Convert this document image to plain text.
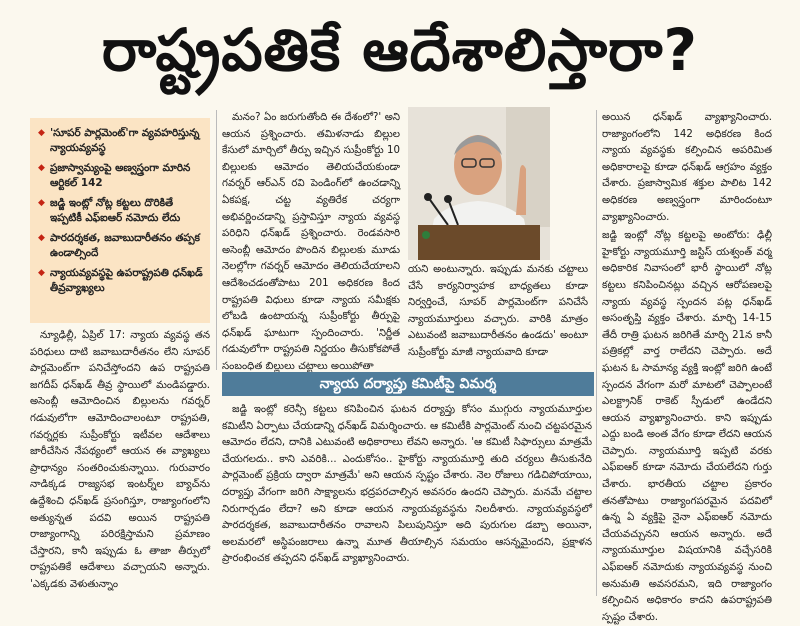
రాష్ట్రపతికే ఆదేశాలిస్తారా?
◆ 'సూపర్ పార్లమెంట్'గా వ్యవహరిస్తున్న న్యాయవ్యవస్థ
◆ ప్రజాస్వామ్యంపై అణ్వస్త్రంగా మారిన ఆర్టికల్ 142
◆ జడ్జి ఇంట్లో నోట్ల కట్టలు దొరికితే ఇప్పటికీ ఎఫ్ఐఆర్ నమోదు లేదు
◆ పారదర్శకత, జవాబుదారీతనం తప్పక ఉండాల్సిందే
◆ న్యాయవ్యవస్థపై ఉపరాష్ట్రపతి ధన్‌ఖడ్ తీవ్రవ్యాఖ్యలు

న్యూఢిల్లీ, ఏప్రిల్ 17: న్యాయ వ్యవస్థ తన పరిధులు దాటి జవాబుదారీతనం లేని సూపర్ పార్లమెంట్‌గా పనిచేస్తోందని ఉప రాష్ట్రపతి జగదీప్ ధన్‌ఖడ్ తీవ్ర స్థాయిలో మండిపడ్డారు. అసెంబ్లీ ఆమోదించిన బిల్లులను గవర్నర్ గడువులోగా ఆమోదించాలంటూ రాష్ట్రపతి, గవర్నర్లకు సుప్రీంకోర్టు ఇటీవల ఆదేశాలు జారీచేసిన నేపథ్యంలో ఆయన ఈ వ్యాఖ్యలు ప్రాధాన్యం సంతరించుకున్నాయి. గురువారం నాడిక్కడ రాజ్యసభ ఇంటర్న్‌ల బ్యాచ్‌ను ఉద్దేశించి ధన్‌ఖడ్ ప్రసంగిస్తూ, రాజ్యాంగంలోని అత్యున్నత పదవి అయిన రాష్ట్రపతి రాజ్యాంగాన్ని పరిరక్షిస్తామని ప్రమాణం చేస్తారని, కానీ ఇప్పుడు ఓ తాజా తీర్పులో రాష్ట్రపతికే ఆదేశాలు వచ్చాయని అన్నారు. 'ఎక్కడకు వెళుతున్నాం

మనం? ఏం జరుగుతోంది ఈ దేశంలో?' అని ఆయన ప్రశ్నించారు. తమిళనాడు బిల్లుల కేసులో మార్చిలో తీర్పు ఇచ్చిన సుప్రీంకోర్టు 10 బిల్లులకు ఆమోదం తెలియచేయకుండా గవర్నర్ ఆర్ఎన్ రవి పెండింగ్‌లో ఉంచడాన్ని ఏకపక్ష, చట్ట వ్యతిరేక చర్యగా అభివర్ణించడాన్ని ప్రస్తావిస్తూ న్యాయ వ్యవస్థ పరిధిని ధన్‌ఖడ్ ప్రశ్నించారు. రెండవసారి అసెంబ్లీ ఆమోదం పొందిన బిల్లులకు మూడు నెలల్లోగా గవర్నర్ ఆమోదం తెలియచేయాలని ఆదేశించడంతోపాటు 201 అధికరణ కింద రాష్ట్రపతి విధులు కూడా న్యాయ సమీక్షకు లోబడి ఉంటాయన్న సుప్రీంకోర్టు తీర్పుపై ధన్‌ఖడ్ ఘాటుగా స్పందించారు. 'నిర్ణీత గడువులోగా రాష్ట్రపతి నిర్ణయం తీసుకోకపోతే సంబంధిత బిల్లులు చట్టాలు అయిపోతా

యని అంటున్నారు. ఇప్పుడు మనకు చట్టాలు చేసే కార్యనిర్వాహక బాధ్యతలు కూడా నిర్వర్తించే, సూపర్ పార్లమెంట్‌గా పనిచేసే న్యాయమూర్తులు వచ్చారు. వారికి మాత్రం ఎటువంటి జవాబుదారీతనం ఉండదు' అంటూ సుప్రీంకోర్టు మాజీ న్యాయవాది కూడా

అయిన ధన్‌ఖడ్ వ్యాఖ్యానించారు. రాజ్యాంగంలోని 142 అధికరణ కింద న్యాయ వ్యవస్థకు కల్పించిన అపరిమిత అధికారాలపై కూడా ధన్‌ఖడ్ ఆగ్రహం వ్యక్తం చేశారు. ప్రజాస్వామిక శక్తుల పాలిట 142 అధికరణ అణ్వస్త్రంగా మారిందంటూ వ్యాఖ్యానించారు.

జడ్జి ఇంట్లో నోట్ల కట్టలపై అంటోరు: ఢిల్లీ హైకోర్టు న్యాయమూర్తి జస్టిస్ యశ్వంత్ వర్మ అధికారిక నివాసంలో భారీ స్థాయిలో నోట్ల కట్టలు కనిపించినట్లు వచ్చిన ఆరోపణలపై న్యాయ వ్యవస్థ స్పందన పట్ల ధన్‌ఖడ్ అసంతృప్తి వ్యక్తం చేశారు. మార్చి 14-15 తేదీ రాత్రి ఘటన జరిగితే మార్చి 21న కానీ పత్రికల్లో వార్త రాలేదని చెప్పారు. అదే ఘటన ఓ సామాన్య వ్యక్తి ఇంట్లో జరిగి ఉంటే స్పందన వేగంగా మరో మాటలో చెప్పాలంటే ఎలక్ట్రానిక్ రాకెట్ స్పీడులో ఉండేదని ఆయన వ్యాఖ్యానించారు. కాని ఇప్పుడు ఎద్దు బండి అంత వేగం కూడా లేదని ఆయన చెప్పారు. న్యాయమూర్తి ఇప్పటి వరకు ఎఫ్ఐఆర్ కూడా నమోదు చేయలేదని గుర్తు చేశారు. భారతీయ చట్టాల ప్రకారం తనతోపాటు రాజ్యాంగపరమైన పదవిలో ఉన్న ఏ వ్యక్తిపై నైనా ఎఫ్ఐఆర్ నమోదు చేయవచ్చునని ఆయన అన్నారు. అదే న్యాయమూర్తుల విషయానికి వచ్చేసరికి ఎఫ్ఐఆర్ నమోదుకు న్యాయవ్యవస్థ నుంచి అనుమతి అవసరమని, ఇది రాజ్యాంగం కల్పించిన అధికారం కాదని ఉపరాష్ట్రపతి స్పష్టం చేశారు.

న్యాయ దర్యాప్తు కమిటీపై విమర్శ

జడ్జి ఇంట్లో కరెన్సీ కట్టలు కనిపించిన ఘటన దర్యాప్తు కోసం ముగ్గురు న్యాయమూర్తుల కమిటీని ఏర్పాటు చేయడాన్ని ధన్‌ఖడ్ విమర్శించారు. ఆ కమిటీకి పార్లమెంట్ నుంచి చట్టపరమైన ఆమోదం లేదని, దానికి ఎటువంటి అధికారాలు లేవని అన్నారు. 'ఆ కమిటీ సిఫార్సులు మాత్రమే చేయగలదు.. కాని ఎవరికి... ఎందుకోసం.. హైకోర్టు న్యాయమూర్తి తుది చర్యలు తీసుకునేది పార్లమెంట్ ప్రక్రియ ద్వారా మాత్రమే' అని ఆయన స్పష్టం చేశారు. నెల రోజులు గడిచిపోయాయి, దర్యాప్తు వేగంగా జరిగి సాక్ష్యాలను భద్రపరచాల్సిన అవసరం ఉందని చెప్పారు. మనమే చట్టాల నిరుగార్చడం లేదా? అని కూడా ఆయన న్యాయవ్యవస్థను నిలదీశారు. న్యాయవ్యవస్థలో పారదర్శకత, జవాబుదారీతనం రావాలని పిలుపునిస్తూ అది పురుగుల డబ్బా అయినా, అలమరలో అస్థిపంజరాలు ఉన్నా మూత తీయాల్సిన సమయం ఆసన్నమైందని, ప్రక్షాళన ప్రారంభించక తప్పదని ధన్‌ఖడ్ వ్యాఖ్యానించారు.
